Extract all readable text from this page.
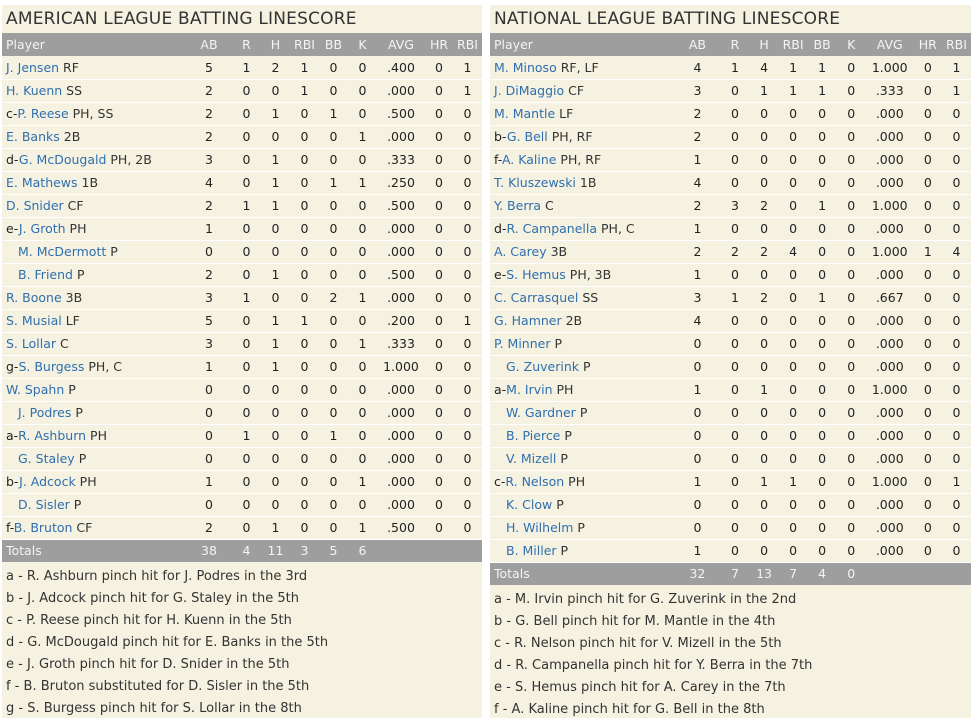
AMERICAN LEAGUE BATTING LINESCORE
Player	AB	R	H	RBI	BB	K	AVG	HR	RBI
J. Jensen RF	5	1	2	1	0	0	.400	0	1
H. Kuenn SS	2	0	0	1	0	0	.000	0	1
c-P. Reese PH, SS	2	0	1	0	1	0	.500	0	0
E. Banks 2B	2	0	0	0	0	1	.000	0	0
d-G. McDougald PH, 2B	3	0	1	0	0	0	.333	0	0
E. Mathews 1B	4	0	1	0	1	1	.250	0	0
D. Snider CF	2	1	1	0	0	0	.500	0	0
e-J. Groth PH	1	0	0	0	0	0	.000	0	0
M. McDermott P	0	0	0	0	0	0	.000	0	0
B. Friend P	2	0	1	0	0	0	.500	0	0
R. Boone 3B	3	1	0	0	2	1	.000	0	0
S. Musial LF	5	0	1	1	0	0	.200	0	1
S. Lollar C	3	0	1	0	0	1	.333	0	0
g-S. Burgess PH, C	1	0	1	0	0	0	1.000	0	0
W. Spahn P	0	0	0	0	0	0	.000	0	0
J. Podres P	0	0	0	0	0	0	.000	0	0
a-R. Ashburn PH	0	1	0	0	1	0	.000	0	0
G. Staley P	0	0	0	0	0	0	.000	0	0
b-J. Adcock PH	1	0	0	0	0	1	.000	0	0
D. Sisler P	0	0	0	0	0	0	.000	0	0
f-B. Bruton CF	2	0	1	0	0	1	.500	0	0
Totals	38	4	11	3	5	6			
a - R. Ashburn pinch hit for J. Podres in the 3rd
b - J. Adcock pinch hit for G. Staley in the 5th
c - P. Reese pinch hit for H. Kuenn in the 5th
d - G. McDougald pinch hit for E. Banks in the 5th
e - J. Groth pinch hit for D. Snider in the 5th
f - B. Bruton substituted for D. Sisler in the 5th
g - S. Burgess pinch hit for S. Lollar in the 8th
NATIONAL LEAGUE BATTING LINESCORE
Player	AB	R	H	RBI	BB	K	AVG	HR	RBI
M. Minoso RF, LF	4	1	4	1	1	0	1.000	0	1
J. DiMaggio CF	3	0	1	1	1	0	.333	0	1
M. Mantle LF	2	0	0	0	0	0	.000	0	0
b-G. Bell PH, RF	2	0	0	0	0	0	.000	0	0
f-A. Kaline PH, RF	1	0	0	0	0	0	.000	0	0
T. Kluszewski 1B	4	0	0	0	0	0	.000	0	0
Y. Berra C	2	3	2	0	1	0	1.000	0	0
d-R. Campanella PH, C	1	0	0	0	0	0	.000	0	0
A. Carey 3B	2	2	2	4	0	0	1.000	1	4
e-S. Hemus PH, 3B	1	0	0	0	0	0	.000	0	0
C. Carrasquel SS	3	1	2	0	1	0	.667	0	0
G. Hamner 2B	4	0	0	0	0	0	.000	0	0
P. Minner P	0	0	0	0	0	0	.000	0	0
G. Zuverink P	0	0	0	0	0	0	.000	0	0
a-M. Irvin PH	1	0	1	0	0	0	1.000	0	0
W. Gardner P	0	0	0	0	0	0	.000	0	0
B. Pierce P	0	0	0	0	0	0	.000	0	0
V. Mizell P	0	0	0	0	0	0	.000	0	0
c-R. Nelson PH	1	0	1	1	0	0	1.000	0	1
K. Clow P	0	0	0	0	0	0	.000	0	0
H. Wilhelm P	0	0	0	0	0	0	.000	0	0
B. Miller P	1	0	0	0	0	0	.000	0	0
Totals	32	7	13	7	4	0			
a - M. Irvin pinch hit for G. Zuverink in the 2nd
b - G. Bell pinch hit for M. Mantle in the 4th
c - R. Nelson pinch hit for V. Mizell in the 5th
d - R. Campanella pinch hit for Y. Berra in the 7th
e - S. Hemus pinch hit for A. Carey in the 7th
f - A. Kaline pinch hit for G. Bell in the 8th
